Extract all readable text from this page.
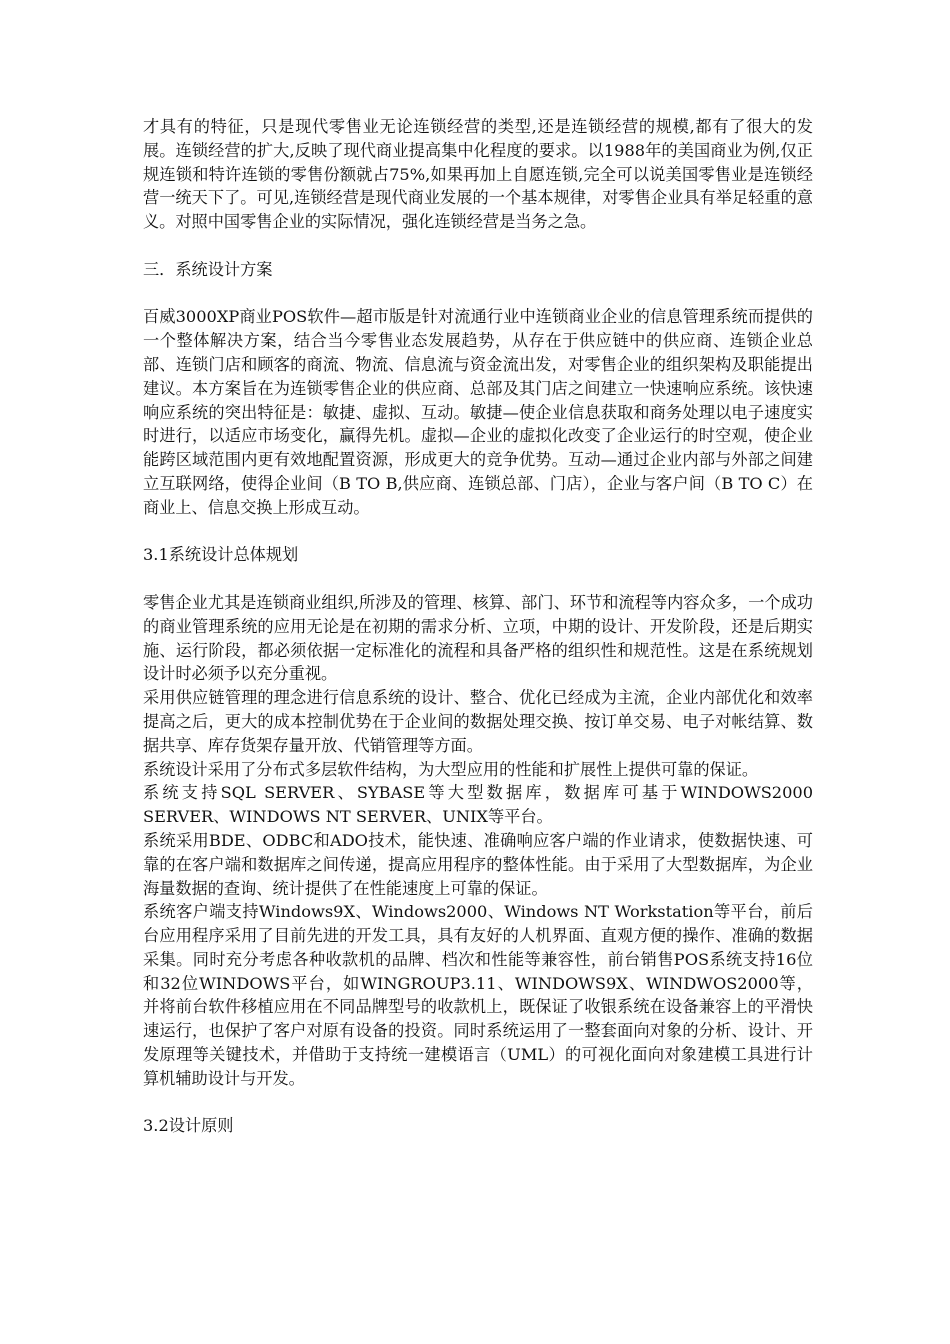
才具有的特征，只是现代零售业无论连锁经营的类型,还是连锁经营的规模,都有了很大的发展。连锁经营的扩大,反映了现代商业提高集中化程度的要求。以1988年的美国商业为例,仅正规连锁和特许连锁的零售份额就占75%,如果再加上自愿连锁,完全可以说美国零售业是连锁经营一统天下了。可见,连锁经营是现代商业发展的一个基本规律，对零售企业具有举足轻重的意义。对照中国零售企业的实际情况，强化连锁经营是当务之急。

三．系统设计方案

百威3000XP商业POS软件—超市版是针对流通行业中连锁商业企业的信息管理系统而提供的一个整体解决方案，结合当今零售业态发展趋势，从存在于供应链中的供应商、连锁企业总部、连锁门店和顾客的商流、物流、信息流与资金流出发，对零售企业的组织架构及职能提出建议。本方案旨在为连锁零售企业的供应商、总部及其门店之间建立一快速响应系统。该快速响应系统的突出特征是：敏捷、虚拟、互动。敏捷—使企业信息获取和商务处理以电子速度实时进行，以适应市场变化，赢得先机。虚拟—企业的虚拟化改变了企业运行的时空观，使企业能跨区域范围内更有效地配置资源，形成更大的竞争优势。互动—通过企业内部与外部之间建立互联网络，使得企业间（B TO B,供应商、连锁总部、门店），企业与客户间（B TO C）在商业上、信息交换上形成互动。

3.1系统设计总体规划

零售企业尤其是连锁商业组织,所涉及的管理、核算、部门、环节和流程等内容众多，一个成功的商业管理系统的应用无论是在初期的需求分析、立项，中期的设计、开发阶段，还是后期实施、运行阶段，都必须依据一定标准化的流程和具备严格的组织性和规范性。这是在系统规划设计时必须予以充分重视。

采用供应链管理的理念进行信息系统的设计、整合、优化已经成为主流，企业内部优化和效率提高之后，更大的成本控制优势在于企业间的数据处理交换、按订单交易、电子对帐结算、数据共享、库存货架存量开放、代销管理等方面。

系统设计采用了分布式多层软件结构，为大型应用的性能和扩展性上提供可靠的保证。

系统支持SQL SERVER、SYBASE等大型数据库，数据库可基于WINDOWS2000 SERVER、WINDOWS NT SERVER、UNIX等平台。

系统采用BDE、ODBC和ADO技术，能快速、准确响应客户端的作业请求，使数据快速、可靠的在客户端和数据库之间传递，提高应用程序的整体性能。由于采用了大型数据库，为企业海量数据的查询、统计提供了在性能速度上可靠的保证。

系统客户端支持Windows9X、Windows2000、Windows NT Workstation等平台，前后台应用程序采用了目前先进的开发工具，具有友好的人机界面、直观方便的操作、准确的数据采集。同时充分考虑各种收款机的品牌、档次和性能等兼容性，前台销售POS系统支持16位和32位WINDOWS平台，如WINGROUP3.11、WINDOWS9X、WINDWOS2000等，并将前台软件移植应用在不同品牌型号的收款机上，既保证了收银系统在设备兼容上的平滑快速运行，也保护了客户对原有设备的投资。同时系统运用了一整套面向对象的分析、设计、开发原理等关键技术，并借助于支持统一建模语言（UML）的可视化面向对象建模工具进行计算机辅助设计与开发。

3.2设计原则
